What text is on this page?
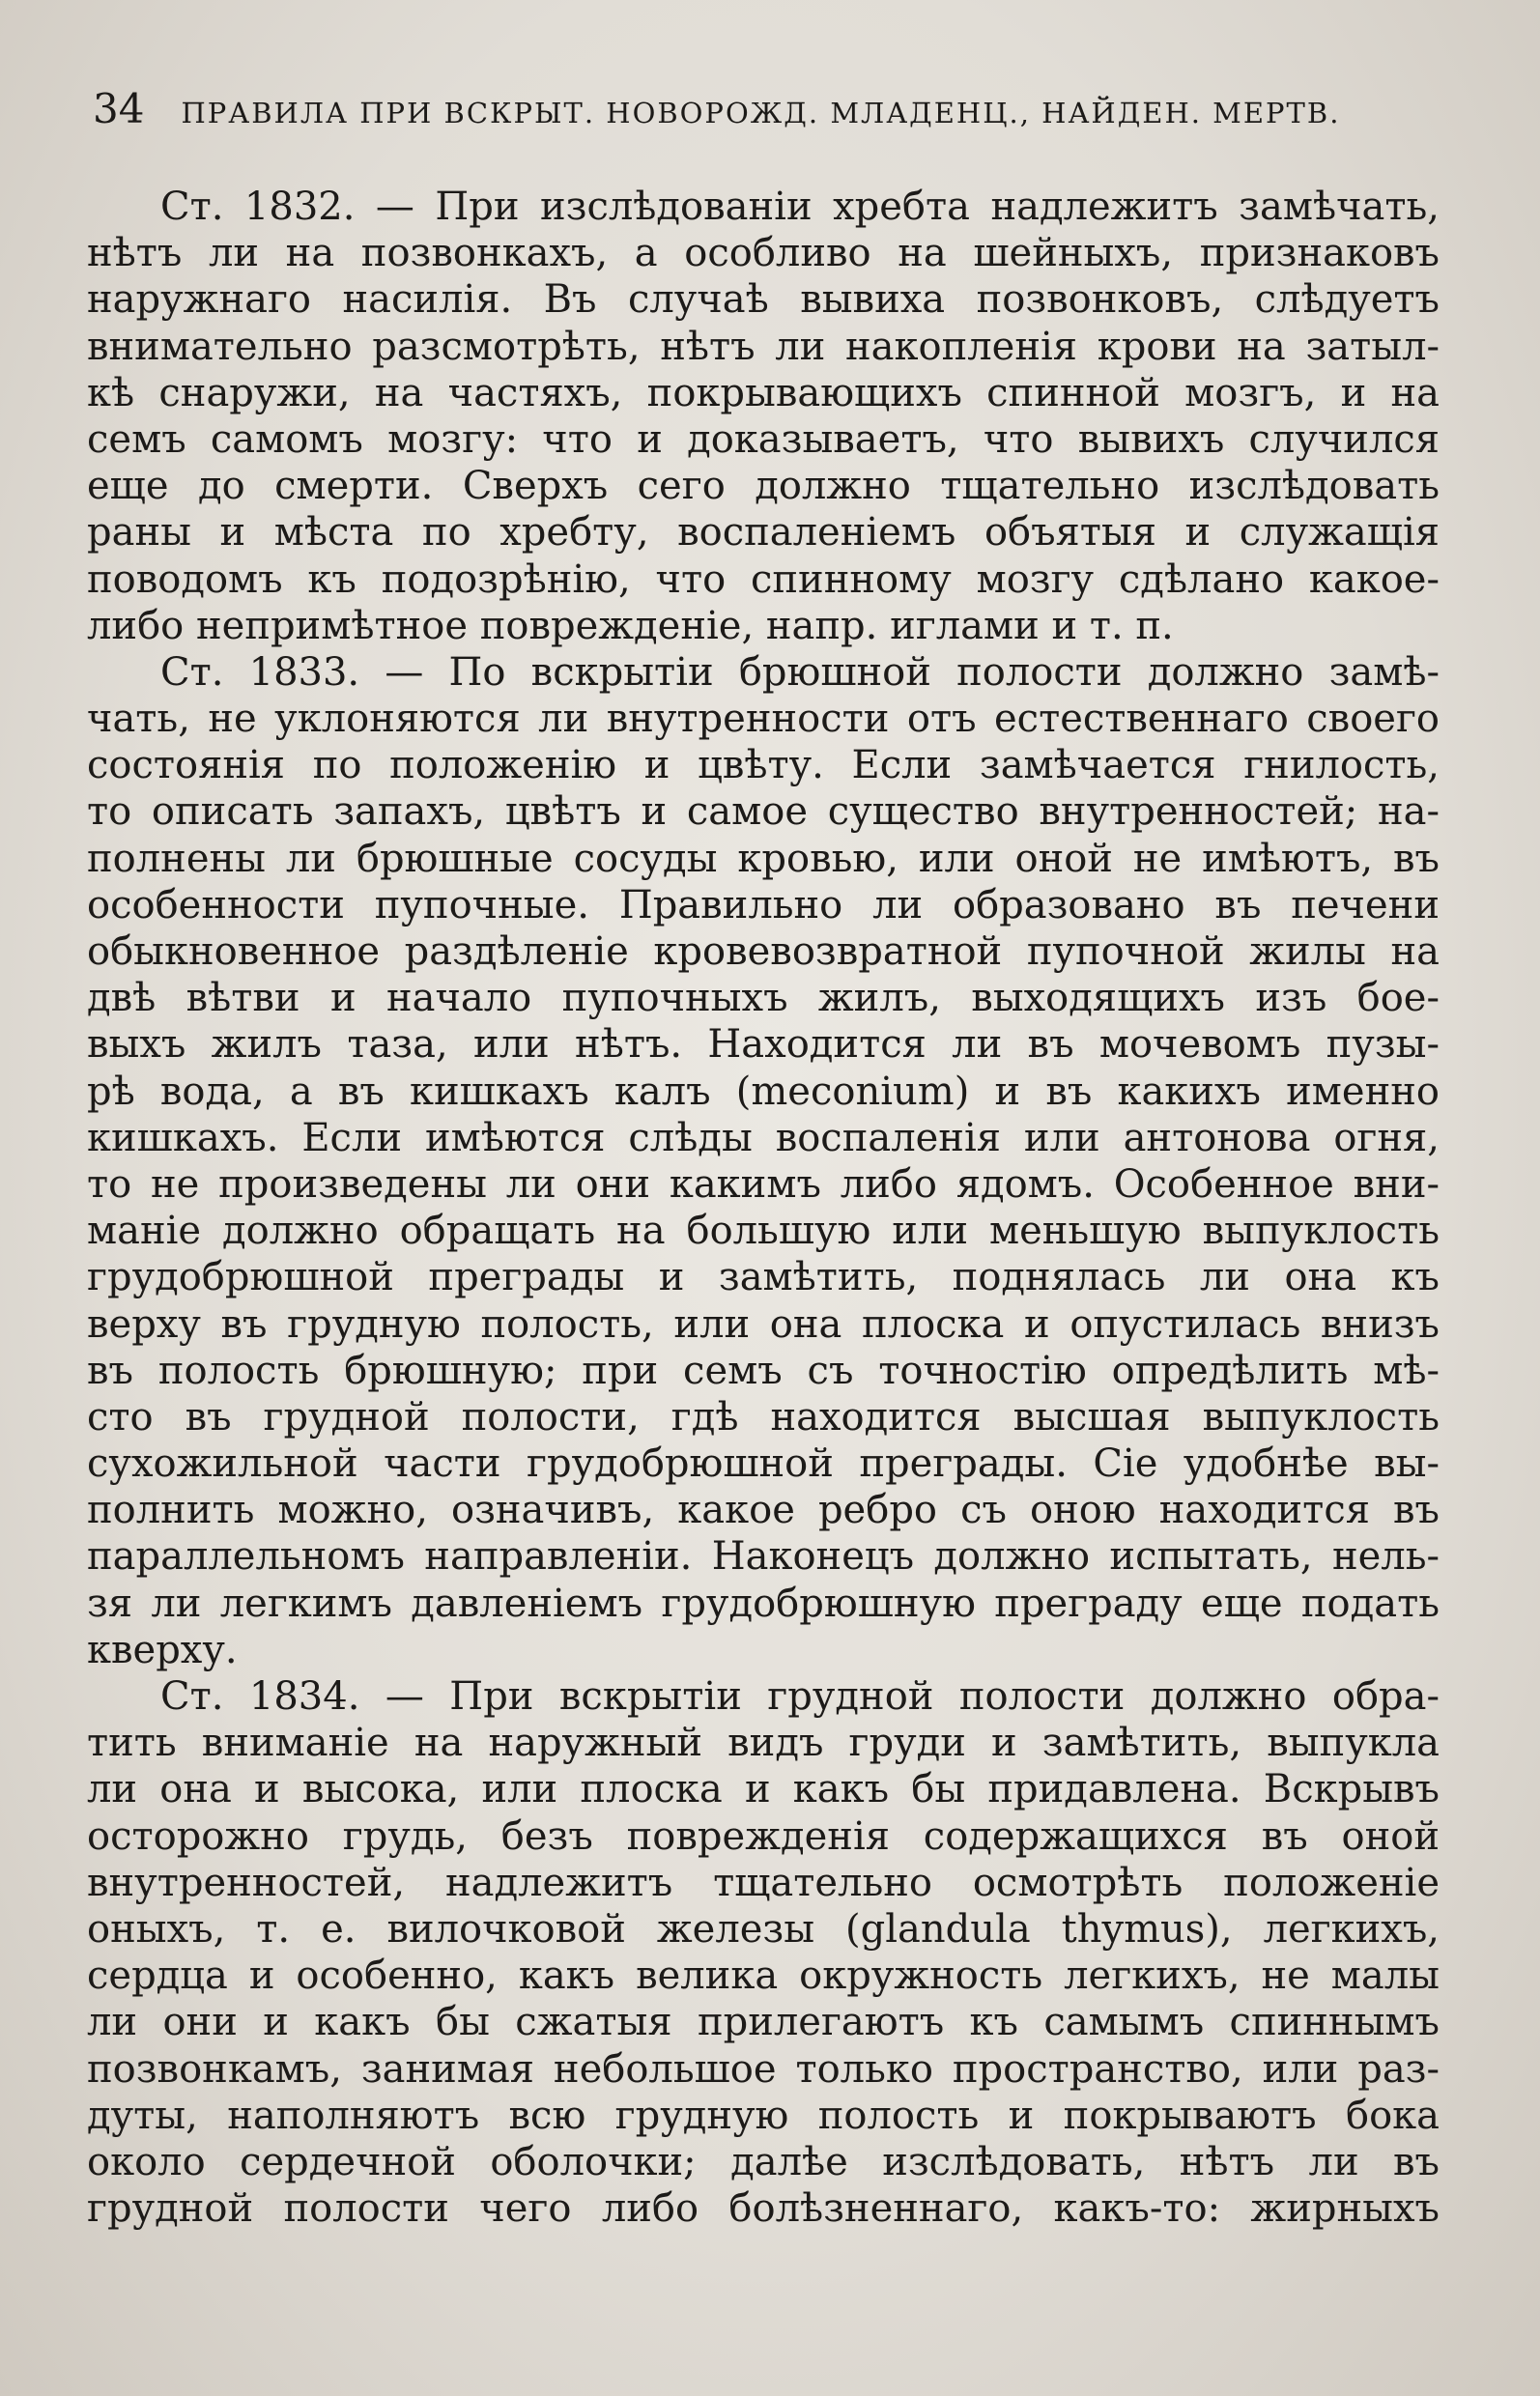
34 ПРАВИЛА ПРИ ВСКРЫТ. НОВОРОЖД. МЛАДЕНЦ., НАЙДЕН. МЕРТВ.
Ст. 1832. — При изслѣдованіи хребта надлежитъ замѣчать,
нѣтъ ли на позвонкахъ, а особливо на шейныхъ, признаковъ
наружнаго насилія. Въ случаѣ вывиха позвонковъ, слѣдуетъ
внимательно разсмотрѣть, нѣтъ ли накопленія крови на затыл-
кѣ снаружи, на частяхъ, покрывающихъ спинной мозгъ, и на
семъ самомъ мозгу: что и доказываетъ, что вывихъ случился
еще до смерти. Сверхъ сего должно тщательно изслѣдовать
раны и мѣста по хребту, воспаленіемъ объятыя и служащія
поводомъ къ подозрѣнію, что спинному мозгу сдѣлано какое-
либо непримѣтное поврежденіе, напр. иглами и т. п.
Ст. 1833. — По вскрытіи брюшной полости должно замѣ-
чать, не уклоняются ли внутренности отъ естественнаго своего
состоянія по положенію и цвѣту. Если замѣчается гнилость,
то описать запахъ, цвѣтъ и самое существо внутренностей; на-
полнены ли брюшные сосуды кровью, или оной не имѣютъ, въ
особенности пупочные. Правильно ли образовано въ печени
обыкновенное раздѣленіе кровевозвратной пупочной жилы на
двѣ вѣтви и начало пупочныхъ жилъ, выходящихъ изъ бое-
выхъ жилъ таза, или нѣтъ. Находится ли въ мочевомъ пузы-
рѣ вода, а въ кишкахъ калъ (meconium) и въ какихъ именно
кишкахъ. Если имѣются слѣды воспаленія или антонова огня,
то не произведены ли они какимъ либо ядомъ. Особенное вни-
маніе должно обращать на большую или меньшую выпуклость
грудобрюшной преграды и замѣтить, поднялась ли она къ
верху въ грудную полость, или она плоска и опустилась внизъ
въ полость брюшную; при семъ съ точностію опредѣлить мѣ-
сто въ грудной полости, гдѣ находится высшая выпуклость
сухожильной части грудобрюшной преграды. Сіе удобнѣе вы-
полнить можно, означивъ, какое ребро съ оною находится въ
параллельномъ направленіи. Наконецъ должно испытать, нель-
зя ли легкимъ давленіемъ грудобрюшную преграду еще подать
кверху.
Ст. 1834. — При вскрытіи грудной полости должно обра-
тить вниманіе на наружный видъ груди и замѣтить, выпукла
ли она и высока, или плоска и какъ бы придавлена. Вскрывъ
осторожно грудь, безъ поврежденія содержащихся въ оной
внутренностей, надлежитъ тщательно осмотрѣть положеніе
оныхъ, т. е. вилочковой железы (glandula thymus), легкихъ,
сердца и особенно, какъ велика окружность легкихъ, не малы
ли они и какъ бы сжатыя прилегаютъ къ самымъ спиннымъ
позвонкамъ, занимая небольшое только пространство, или раз-
дуты, наполняютъ всю грудную полость и покрываютъ бока
около сердечной оболочки; далѣе изслѣдовать, нѣтъ ли въ
грудной полости чего либо болѣзненнаго, какъ-то: жирныхъ
